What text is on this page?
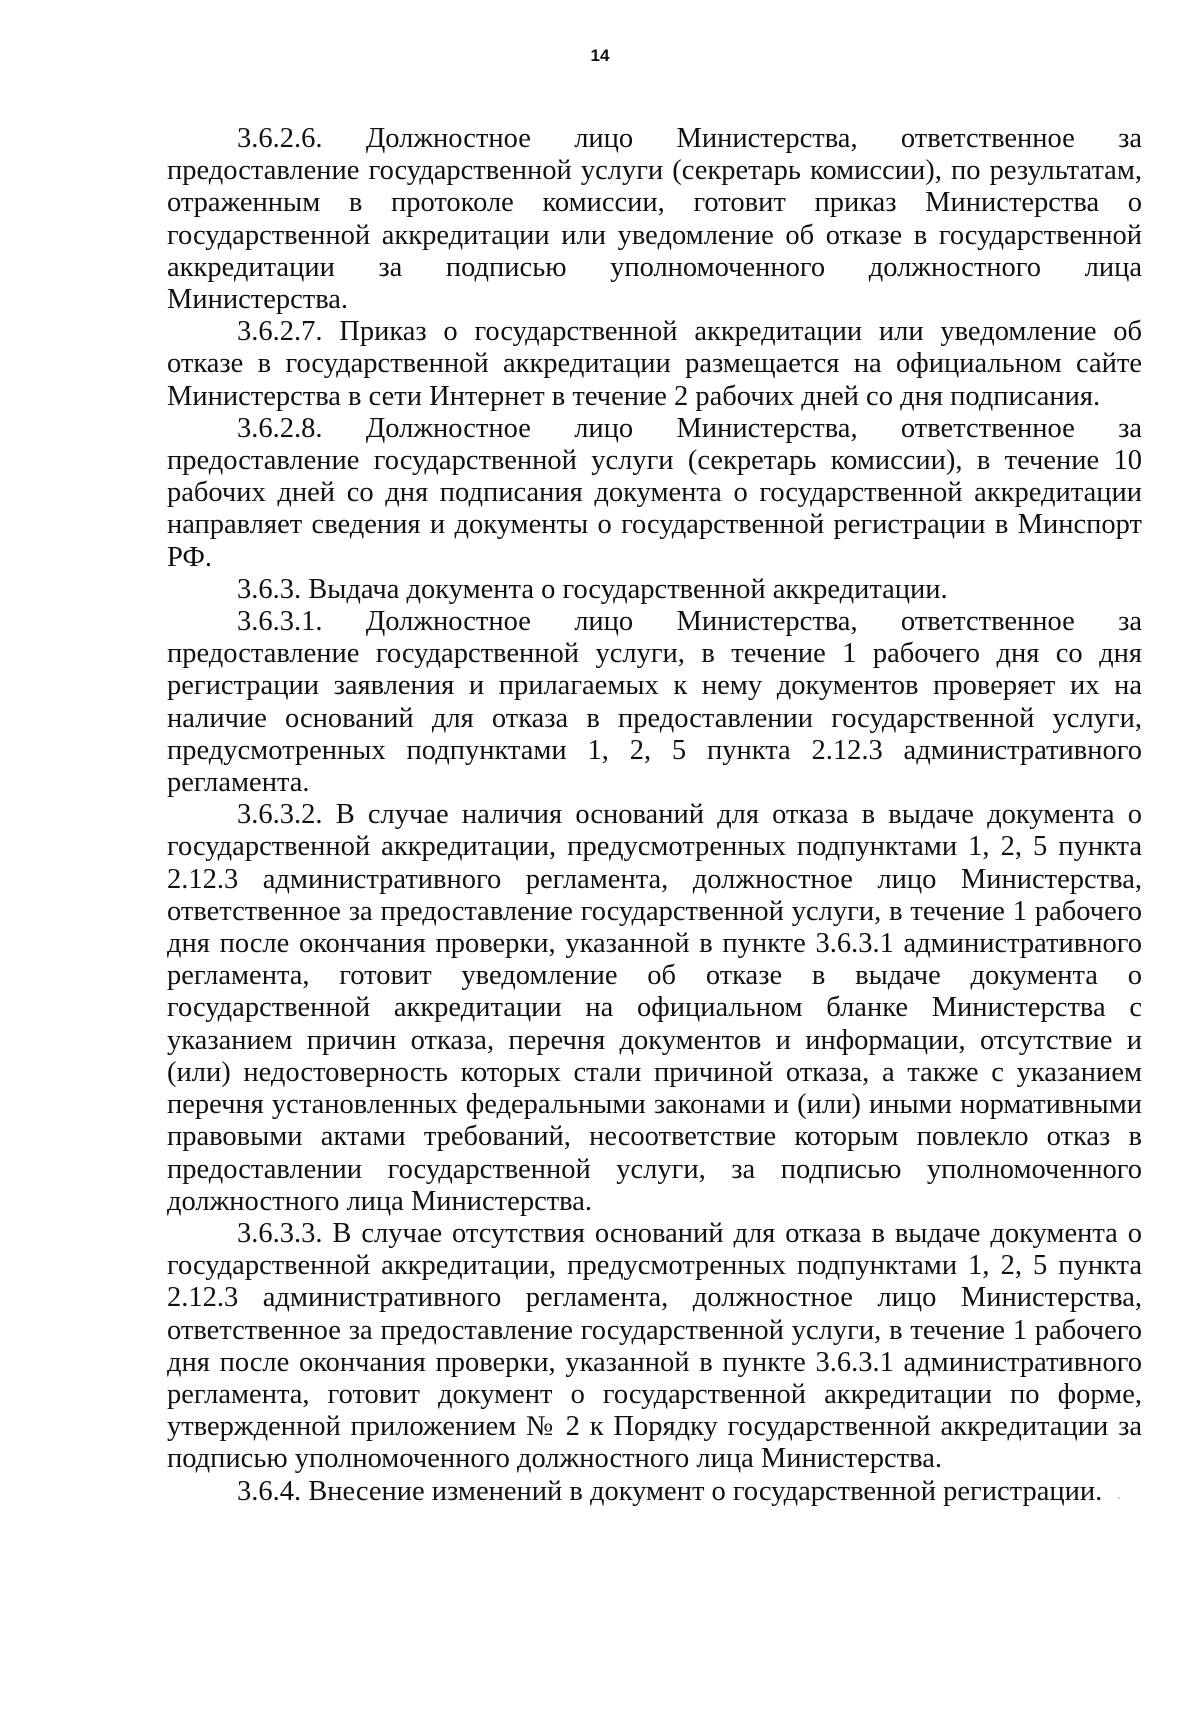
14

3.6.2.6. Должностное лицо Министерства, ответственное за предоставление государственной услуги (секретарь комиссии), по результатам, отраженным в протоколе комиссии, готовит приказ Министерства о государственной аккредитации или уведомление об отказе в государственной аккредитации за подписью уполномоченного должностного лица Министерства.

3.6.2.7. Приказ о государственной аккредитации или уведомление об отказе в государственной аккредитации размещается на официальном сайте Министерства в сети Интернет в течение 2 рабочих дней со дня подписания.

3.6.2.8. Должностное лицо Министерства, ответственное за предоставление государственной услуги (секретарь комиссии), в течение 10 рабочих дней со дня подписания документа о государственной аккредитации направляет сведения и документы о государственной регистрации в Минспорт РФ.

3.6.3. Выдача документа о государственной аккредитации.

3.6.3.1. Должностное лицо Министерства, ответственное за предоставление государственной услуги, в течение 1 рабочего дня со дня регистрации заявления и прилагаемых к нему документов проверяет их на наличие оснований для отказа в предоставлении государственной услуги, предусмотренных подпунктами 1, 2, 5 пункта 2.12.3 административного регламента.

3.6.3.2. В случае наличия оснований для отказа в выдаче документа о государственной аккредитации, предусмотренных подпунктами 1, 2, 5 пункта 2.12.3 административного регламента, должностное лицо Министерства, ответственное за предоставление государственной услуги, в течение 1 рабочего дня после окончания проверки, указанной в пункте 3.6.3.1 административного регламента, готовит уведомление об отказе в выдаче документа о государственной аккредитации на официальном бланке Министерства с указанием причин отказа, перечня документов и информации, отсутствие и (или) недостоверность которых стали причиной отказа, а также с указанием перечня установленных федеральными законами и (или) иными нормативными правовыми актами требований, несоответствие которым повлекло отказ в предоставлении государственной услуги, за подписью уполномоченного должностного лица Министерства.

3.6.3.3. В случае отсутствия оснований для отказа в выдаче документа о государственной аккредитации, предусмотренных подпунктами 1, 2, 5 пункта 2.12.3 административного регламента, должностное лицо Министерства, ответственное за предоставление государственной услуги, в течение 1 рабочего дня после окончания проверки, указанной в пункте 3.6.3.1 административного регламента, готовит документ о государственной аккредитации по форме, утвержденной приложением № 2 к Порядку государственной аккредитации за подписью уполномоченного должностного лица Министерства.

3.6.4. Внесение изменений в документ о государственной регистрации.
